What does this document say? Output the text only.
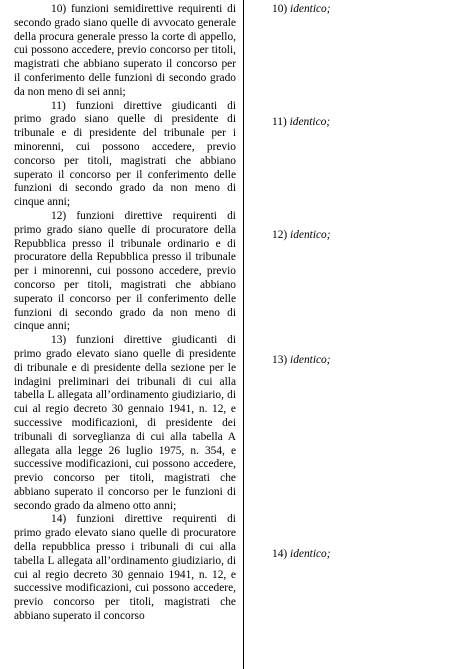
10) funzioni semidirettive requirenti di secondo grado siano quelle di avvocato generale della procura generale presso la corte di appello, cui possono accedere, previo concorso per titoli, magistrati che abbiano superato il concorso per il conferimento delle funzioni di secondo grado da non meno di sei anni;

11) funzioni direttive giudicanti di primo grado siano quelle di presidente di tribunale e di presidente del tribunale per i minorenni, cui possono accedere, previo concorso per titoli, magistrati che abbiano superato il concorso per il conferimento delle funzioni di secondo grado da non meno di cinque anni;

12) funzioni direttive requirenti di primo grado siano quelle di procuratore della Repubblica presso il tribunale ordinario e di procuratore della Repubblica presso il tribunale per i minorenni, cui possono accedere, previo concorso per titoli, magistrati che abbiano superato il concorso per il conferimento delle funzioni di secondo grado da non meno di cinque anni;

13) funzioni direttive giudicanti di primo grado elevato siano quelle di presidente di tribunale e di presidente della sezione per le indagini preliminari dei tribunali di cui alla tabella L allegata all’ordinamento giudiziario, di cui al regio decreto 30 gennaio 1941, n. 12, e successive modificazioni, di presidente dei tribunali di sorveglianza di cui alla tabella A allegata alla legge 26 luglio 1975, n. 354, e successive modificazioni, cui possono accedere, previo concorso per titoli, magistrati che abbiano superato il concorso per le funzioni di secondo grado da almeno otto anni;

14) funzioni direttive requirenti di primo grado elevato siano quelle di procuratore della repubblica presso i tribunali di cui alla tabella L allegata all’ordinamento giudiziario, di cui al regio decreto 30 gennaio 1941, n. 12, e successive modificazioni, cui possono accedere, previo concorso per titoli, magistrati che abbiano superato il concorso

10) identico;
11) identico;
12) identico;
13) identico;
14) identico;
